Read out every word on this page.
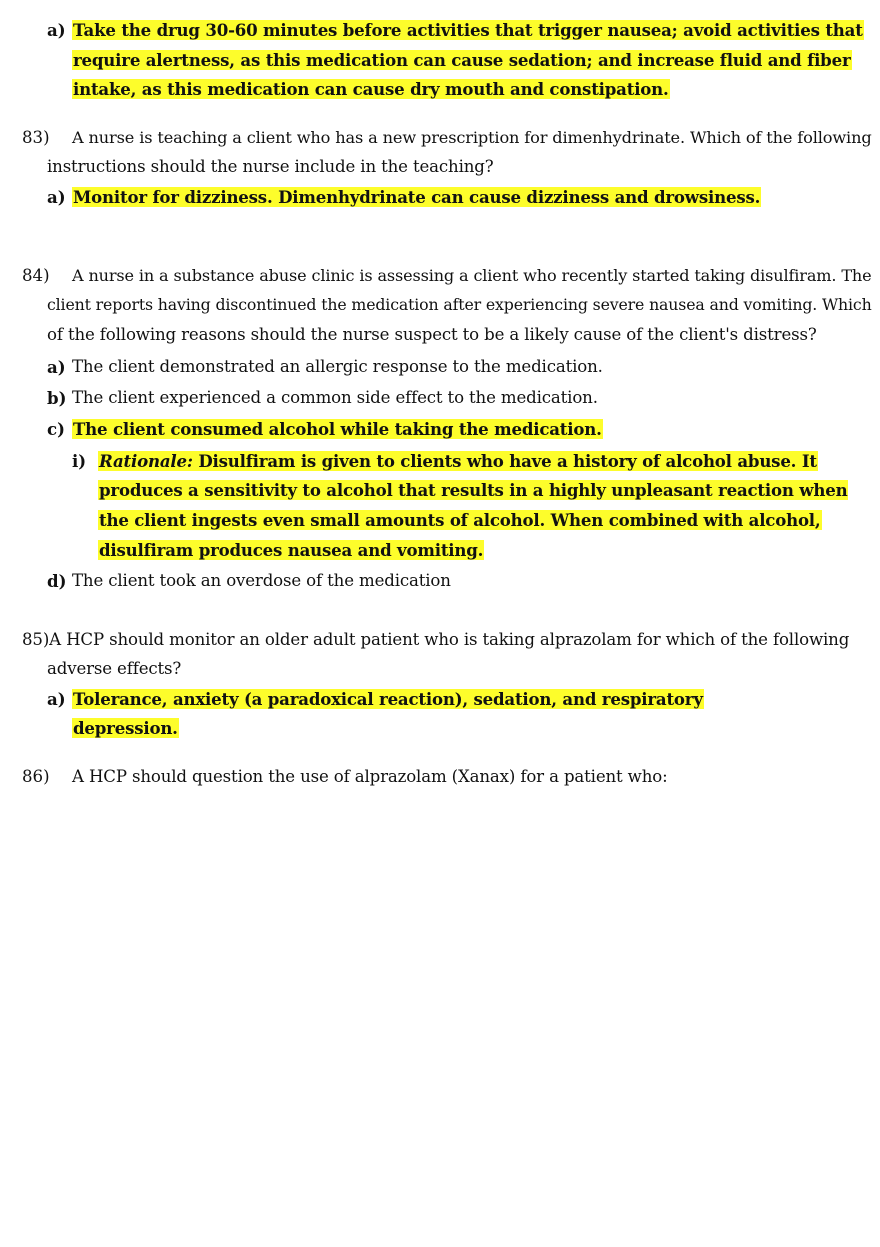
a) Take the drug 30-60 minutes before activities that trigger nausea; avoid activities that
require alertness, as this medication can cause sedation; and increase fluid and fiber
intake, as this medication can cause dry mouth and constipation.
83) A nurse is teaching a client who has a new prescription for dimenhydrinate. Which of the following
instructions should the nurse include in the teaching?
a) Monitor for dizziness. Dimenhydrinate can cause dizziness and drowsiness.
84) A nurse in a substance abuse clinic is assessing a client who recently started taking disulfiram. The
client reports having discontinued the medication after experiencing severe nausea and vomiting. Which
of the following reasons should the nurse suspect to be a likely cause of the client's distress?
a) The client demonstrated an allergic response to the medication.
b) The client experienced a common side effect to the medication.
c) The client consumed alcohol while taking the medication.
i) Rationale: Disulfiram is given to clients who have a history of alcohol abuse. It
produces a sensitivity to alcohol that results in a highly unpleasant reaction when
the client ingests even small amounts of alcohol. When combined with alcohol,
disulfiram produces nausea and vomiting.
d) The client took an overdose of the medication
85)A HCP should monitor an older adult patient who is taking alprazolam for which of the following
adverse effects?
a) Tolerance, anxiety (a paradoxical reaction), sedation, and respiratory
depression.
86) A HCP should question the use of alprazolam (Xanax) for a patient who:
